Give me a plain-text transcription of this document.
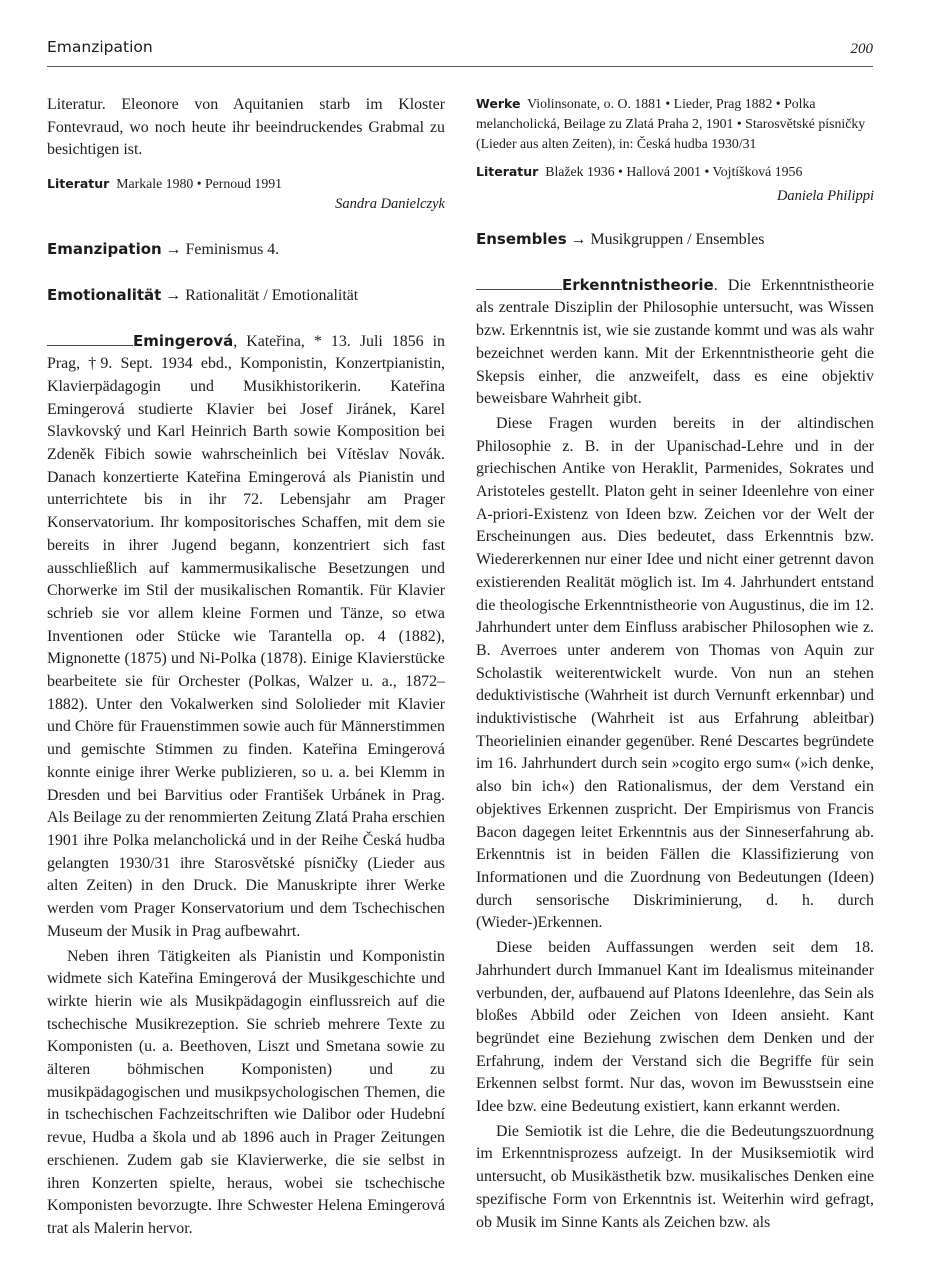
Emanzipation	200

Literatur. Eleonore von Aquitanien starb im Kloster Fontevraud, wo noch heute ihr beeindruckendes Grabmal zu besichtigen ist.

Literatur Markale 1980 • Pernoud 1991

Sandra Danielczyk

Emanzipation → Feminismus 4.

Emotionalität → Rationalität / Emotionalität

Emingerová, Kateřina, * 13. Juli 1856 in Prag, †9. Sept. 1934 ebd., Komponistin, Konzertpianistin, Klavierpädagogin und Musikhistorikerin. Kateřina Emingerová studierte Klavier bei Josef Jiránek, Karel Slavkovský und Karl Heinrich Barth sowie Komposition bei Zdeněk Fibich sowie wahrscheinlich bei Vítĕslav Novák. Danach konzertierte Kateřina Emingerová als Pianistin und unterrichtete bis in ihr 72. Lebensjahr am Prager Konservatorium. Ihr kompositorisches Schaffen, mit dem sie bereits in ihrer Jugend begann, konzentriert sich fast ausschließlich auf kammermusikalische Besetzungen und Chorwerke im Stil der musikalischen Romantik. Für Klavier schrieb sie vor allem kleine Formen und Tänze, so etwa Inventionen oder Stücke wie Tarantella op. 4 (1882), Mignonette (1875) und Ni-Polka (1878). Einige Klavierstücke bearbeitete sie für Orchester (Polkas, Walzer u. a., 1872–1882). Unter den Vokalwerken sind Sololieder mit Klavier und Chöre für Frauenstimmen sowie auch für Männerstimmen und gemischte Stimmen zu finden. Kateřina Emingerová konnte einige ihrer Werke publizieren, so u. a. bei Klemm in Dresden und bei Barvitius oder František Urbánek in Prag. Als Beilage zu der renommierten Zeitung Zlatá Praha erschien 1901 ihre Polka melancholická und in der Reihe Česká hudba gelangten 1930/31 ihre Starosvětské písničky (Lieder aus alten Zeiten) in den Druck. Die Manuskripte ihrer Werke werden vom Prager Konservatorium und dem Tschechischen Museum der Musik in Prag aufbewahrt.

Neben ihren Tätigkeiten als Pianistin und Komponistin widmete sich Kateřina Emingerová der Musikgeschichte und wirkte hierin wie als Musikpädagogin einflussreich auf die tschechische Musikrezeption. Sie schrieb mehrere Texte zu Komponisten (u. a. Beethoven, Liszt und Smetana sowie zu älteren böhmischen Komponisten) und zu musikpädagogischen und musikpsychologischen Themen, die in tschechischen Fachzeitschriften wie Dalibor oder Hudební revue, Hudba a škola und ab 1896 auch in Prager Zeitungen erschienen. Zudem gab sie Klavierwerke, die sie selbst in ihren Konzerten spielte, heraus, wobei sie tschechische Komponisten bevorzugte. Ihre Schwester Helena Emingerová trat als Malerin hervor.

Werke Violinsonate, o. O. 1881 • Lieder, Prag 1882 • Polka melancholická, Beilage zu Zlatá Praha 2, 1901 • Starosvětské písničky (Lieder aus alten Zeiten), in: Česká hudba 1930/31

Literatur Blažek 1936 • Hallová 2001 • Vojtíšková 1956

Daniela Philippi

Ensembles → Musikgruppen / Ensembles

Erkenntnistheorie. Die Erkenntnistheorie als zentrale Disziplin der Philosophie untersucht, was Wissen bzw. Erkenntnis ist, wie sie zustande kommt und was als wahr bezeichnet werden kann. Mit der Erkenntnistheorie geht die Skepsis einher, die anzweifelt, dass es eine objektiv beweisbare Wahrheit gibt.

Diese Fragen wurden bereits in der altindischen Philosophie z. B. in der Upanischad-Lehre und in der griechischen Antike von Heraklit, Parmenides, Sokrates und Aristoteles gestellt. Platon geht in seiner Ideenlehre von einer A-priori-Existenz von Ideen bzw. Zeichen vor der Welt der Erscheinungen aus. Dies bedeutet, dass Erkenntnis bzw. Wiedererkennen nur einer Idee und nicht einer getrennt davon existierenden Realität möglich ist. Im 4. Jahrhundert entstand die theologische Erkenntnistheorie von Augustinus, die im 12. Jahrhundert unter dem Einfluss arabischer Philosophen wie z. B. Averroes unter anderem von Thomas von Aquin zur Scholastik weiterentwickelt wurde. Von nun an stehen deduktivistische (Wahrheit ist durch Vernunft erkennbar) und induktivistische (Wahrheit ist aus Erfahrung ableitbar) Theorielinien einander gegenüber. René Descartes begründete im 16. Jahrhundert durch sein »cogito ergo sum« (»ich denke, also bin ich«) den Rationalismus, der dem Verstand ein objektives Erkennen zuspricht. Der Empirismus von Francis Bacon dagegen leitet Erkenntnis aus der Sinneserfahrung ab. Erkenntnis ist in beiden Fällen die Klassifizierung von Informationen und die Zuordnung von Bedeutungen (Ideen) durch sensorische Diskriminierung, d. h. durch (Wieder-)Erkennen.

Diese beiden Auffassungen werden seit dem 18. Jahrhundert durch Immanuel Kant im Idealismus miteinander verbunden, der, aufbauend auf Platons Ideenlehre, das Sein als bloßes Abbild oder Zeichen von Ideen ansieht. Kant begründet eine Beziehung zwischen dem Denken und der Erfahrung, indem der Verstand sich die Begriffe für sein Erkennen selbst formt. Nur das, wovon im Bewusstsein eine Idee bzw. eine Bedeutung existiert, kann erkannt werden.

Die Semiotik ist die Lehre, die die Bedeutungszuordnung im Erkenntnisprozess aufzeigt. In der Musiksemiotik wird untersucht, ob Musikästhetik bzw. musikalisches Denken eine spezifische Form von Erkenntnis ist. Weiterhin wird gefragt, ob Musik im Sinne Kants als Zeichen bzw. als
